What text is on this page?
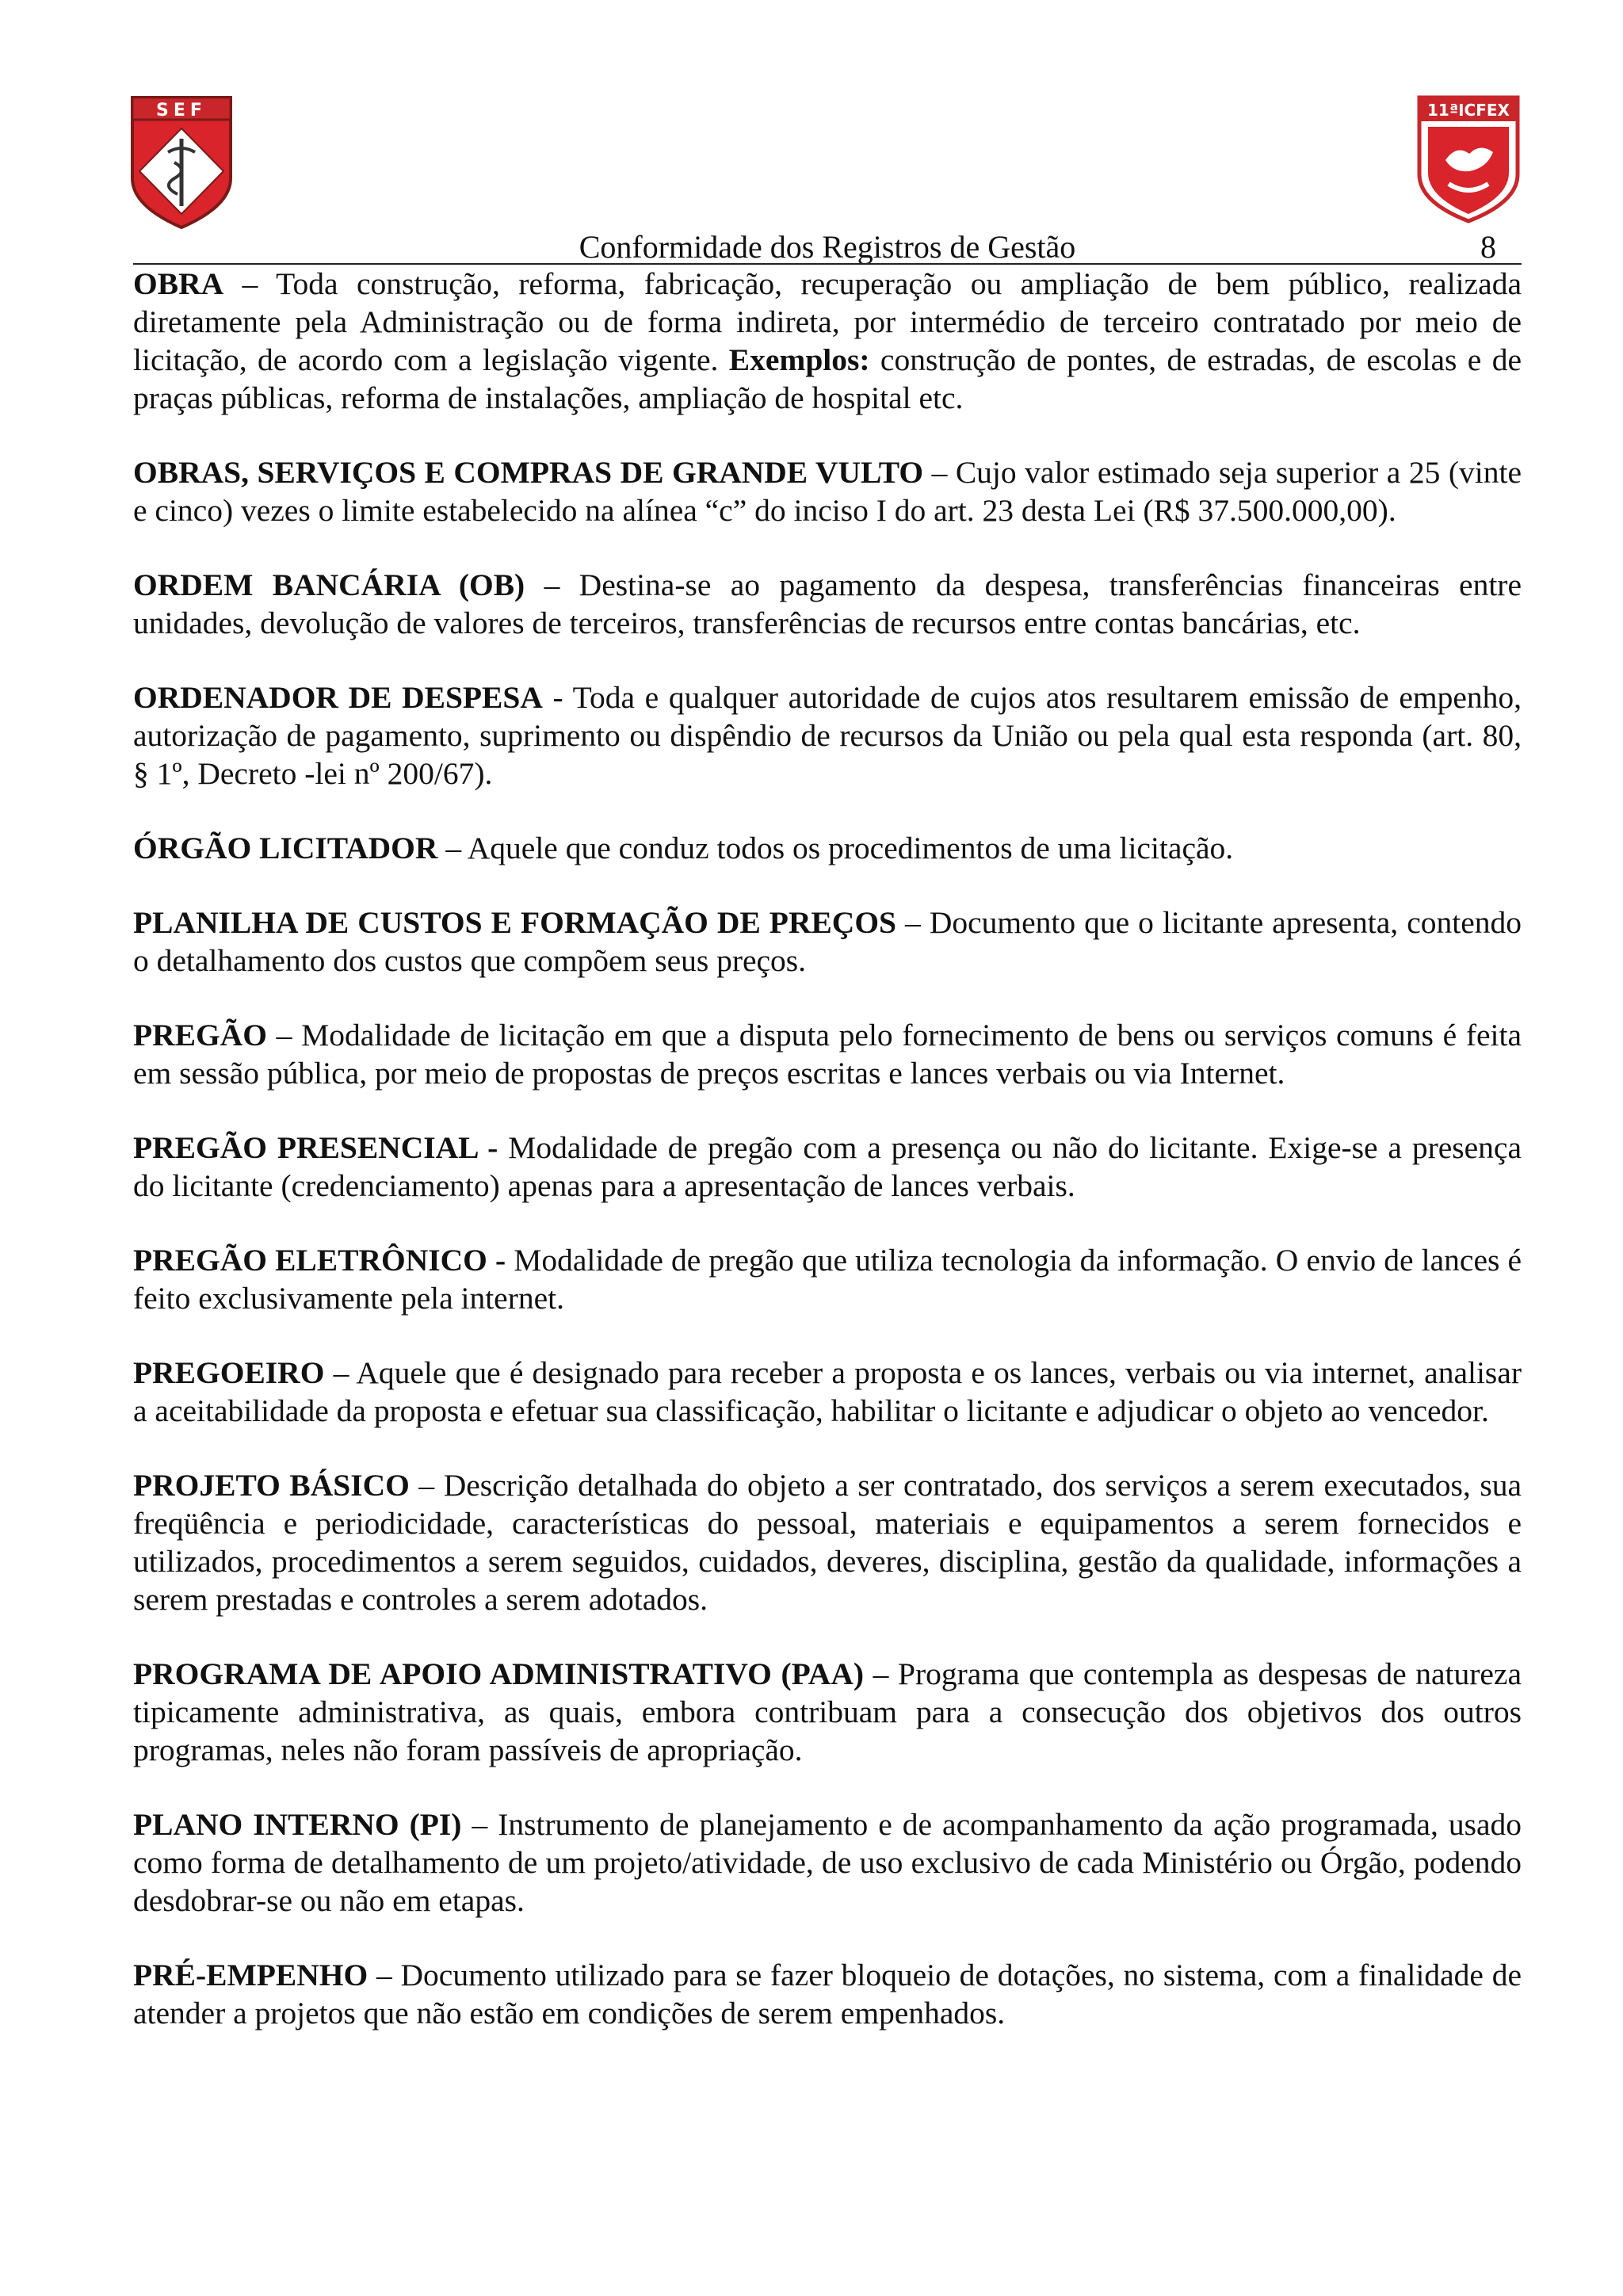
SEF	11ªICFEX
Conformidade dos Registros de Gestão	8

OBRA – Toda construção, reforma, fabricação, recuperação ou ampliação de bem público, realizada diretamente pela Administração ou de forma indireta, por intermédio de terceiro contratado por meio de licitação, de acordo com a legislação vigente. Exemplos: construção de pontes, de estradas, de escolas e de praças públicas, reforma de instalações, ampliação de hospital etc.

OBRAS, SERVIÇOS E COMPRAS DE GRANDE VULTO – Cujo valor estimado seja superior a 25 (vinte e cinco) vezes o limite estabelecido na alínea “c” do inciso I do art. 23 desta Lei (R$ 37.500.000,00).

ORDEM BANCÁRIA (OB) – Destina-se ao pagamento da despesa, transferências financeiras entre unidades, devolução de valores de terceiros, transferências de recursos entre contas bancárias, etc.

ORDENADOR DE DESPESA - Toda e qualquer autoridade de cujos atos resultarem emissão de empenho, autorização de pagamento, suprimento ou dispêndio de recursos da União ou pela qual esta responda (art. 80, § 1º, Decreto -lei nº 200/67).

ÓRGÃO LICITADOR – Aquele que conduz todos os procedimentos de uma licitação.

PLANILHA DE CUSTOS E FORMAÇÃO DE PREÇOS – Documento que o licitante apresenta, contendo o detalhamento dos custos que compõem seus preços.

PREGÃO – Modalidade de licitação em que a disputa pelo fornecimento de bens ou serviços comuns é feita em sessão pública, por meio de propostas de preços escritas e lances verbais ou via Internet.

PREGÃO PRESENCIAL - Modalidade de pregão com a presença ou não do licitante. Exige-se a presença do licitante (credenciamento) apenas para a apresentação de lances verbais.

PREGÃO ELETRÔNICO - Modalidade de pregão que utiliza tecnologia da informação. O envio de lances é feito exclusivamente pela internet.

PREGOEIRO – Aquele que é designado para receber a proposta e os lances, verbais ou via internet, analisar a aceitabilidade da proposta e efetuar sua classificação, habilitar o licitante e adjudicar o objeto ao vencedor.

PROJETO BÁSICO – Descrição detalhada do objeto a ser contratado, dos serviços a serem executados, sua freqüência e periodicidade, características do pessoal, materiais e equipamentos a serem fornecidos e utilizados, procedimentos a serem seguidos, cuidados, deveres, disciplina, gestão da qualidade, informações a serem prestadas e controles a serem adotados.

PROGRAMA DE APOIO ADMINISTRATIVO (PAA) – Programa que contempla as despesas de natureza tipicamente administrativa, as quais, embora contribuam para a consecução dos objetivos dos outros programas, neles não foram passíveis de apropriação.

PLANO INTERNO (PI) – Instrumento de planejamento e de acompanhamento da ação programada, usado como forma de detalhamento de um projeto/atividade, de uso exclusivo de cada Ministério ou Órgão, podendo desdobrar-se ou não em etapas.

PRÉ-EMPENHO – Documento utilizado para se fazer bloqueio de dotações, no sistema, com a finalidade de atender a projetos que não estão em condições de serem empenhados.
